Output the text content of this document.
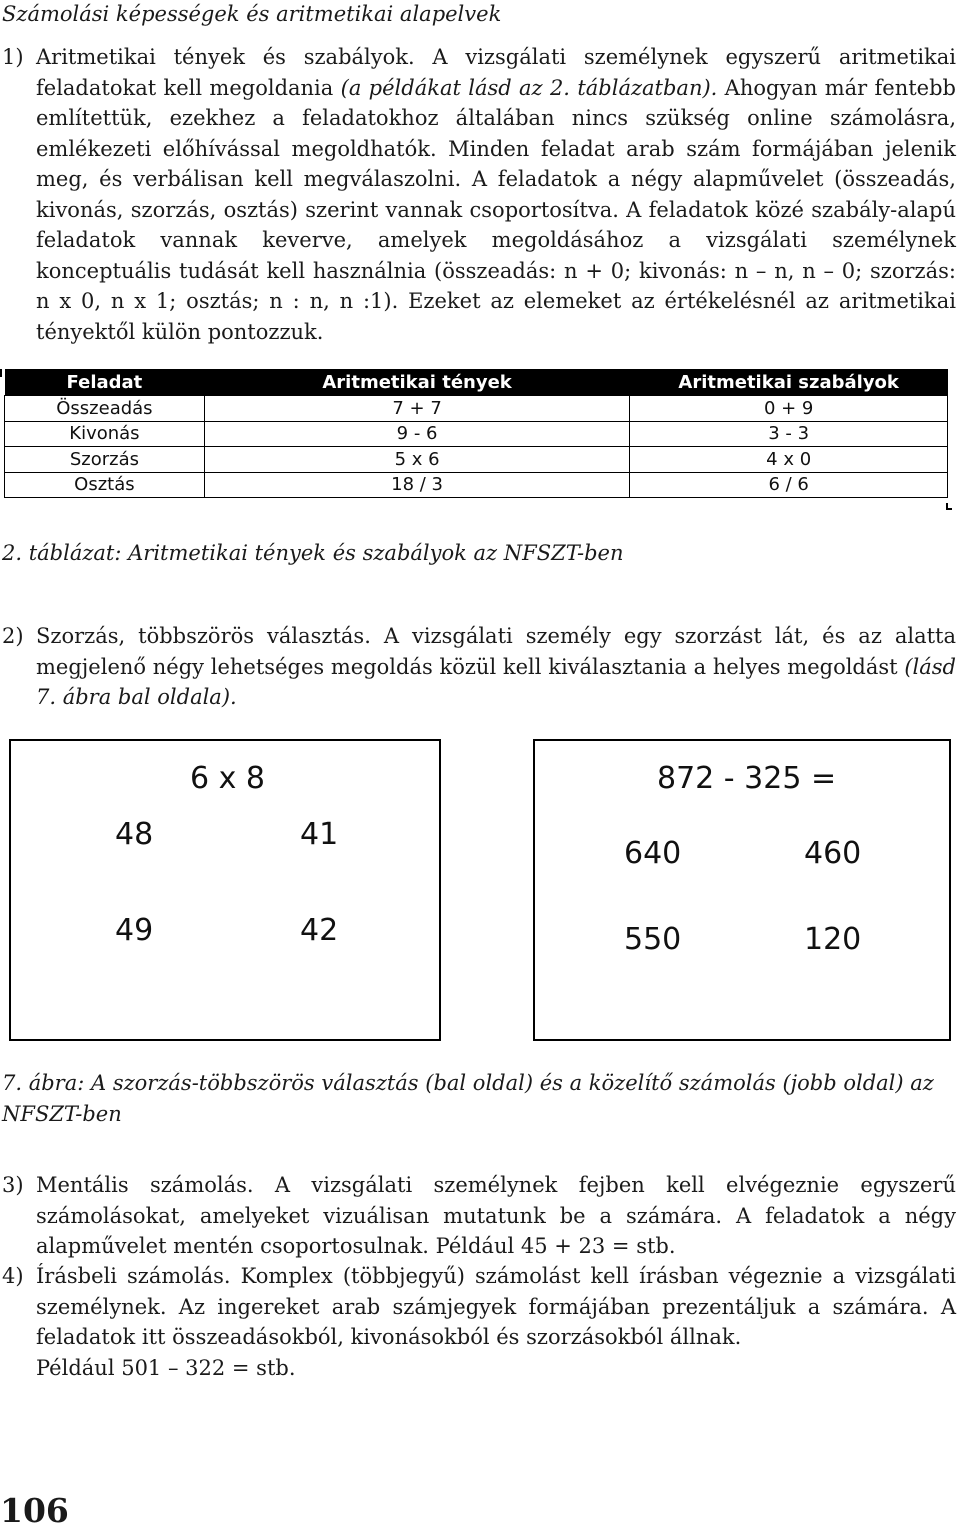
Számolási képességek és aritmetikai alapelvek
1) Aritmetikai tények és szabályok. A vizsgálati személynek egyszerű aritmetikai feladatokat kell megoldania (a példákat lásd az 2. táblázatban). Ahogyan már fentebb említettük, ezekhez a feladatokhoz általában nincs szükség online számolásra, emlékezeti előhívással megoldhatók. Minden feladat arab szám formájában jelenik meg, és verbálisan kell megválaszolni. A feladatok a négy alapművelet (összeadás, kivonás, szorzás, osztás) szerint vannak csoportosítva. A feladatok közé szabály-alapú feladatok vannak keverve, amelyek megoldásához a vizsgálati személynek konceptuális tudását kell használnia (összeadás: n + 0; kivonás: n – n, n – 0; szorzás: n x 0, n x 1; osztás; n : n, n :1). Ezeket az elemeket az értékelésnél az aritmetikai tényektől külön pontozzuk.
Feladat	Aritmetikai tények	Aritmetikai szabályok
Összeadás	7 + 7	0 + 9
Kivonás	9 - 6	3 - 3
Szorzás	5 x 6	4 x 0
Osztás	18 / 3	6 / 6
2. táblázat: Aritmetikai tények és szabályok az NFSZT-ben
2) Szorzás, többszörös választás. A vizsgálati személy egy szorzást lát, és az alatta megjelenő négy lehetséges megoldás közül kell kiválasztania a helyes megoldást (lásd 7. ábra bal oldala).
6 x 8
48	41
49	42
872 - 325 =
640	460
550	120
7. ábra: A szorzás-többszörös választás (bal oldal) és a közelítő számolás (jobb oldal) az NFSZT-ben
3) Mentális számolás. A vizsgálati személynek fejben kell elvégeznie egyszerű számolásokat, amelyeket vizuálisan mutatunk be a számára. A feladatok a négy alapművelet mentén csoportosulnak. Például 45 + 23 = stb.
4) Írásbeli számolás. Komplex (többjegyű) számolást kell írásban végeznie a vizsgálati személynek. Az ingereket arab számjegyek formájában prezentáljuk a számára. A feladatok itt összeadásokból, kivonásokból és szorzásokból állnak.
Például 501 – 322 = stb.
106
